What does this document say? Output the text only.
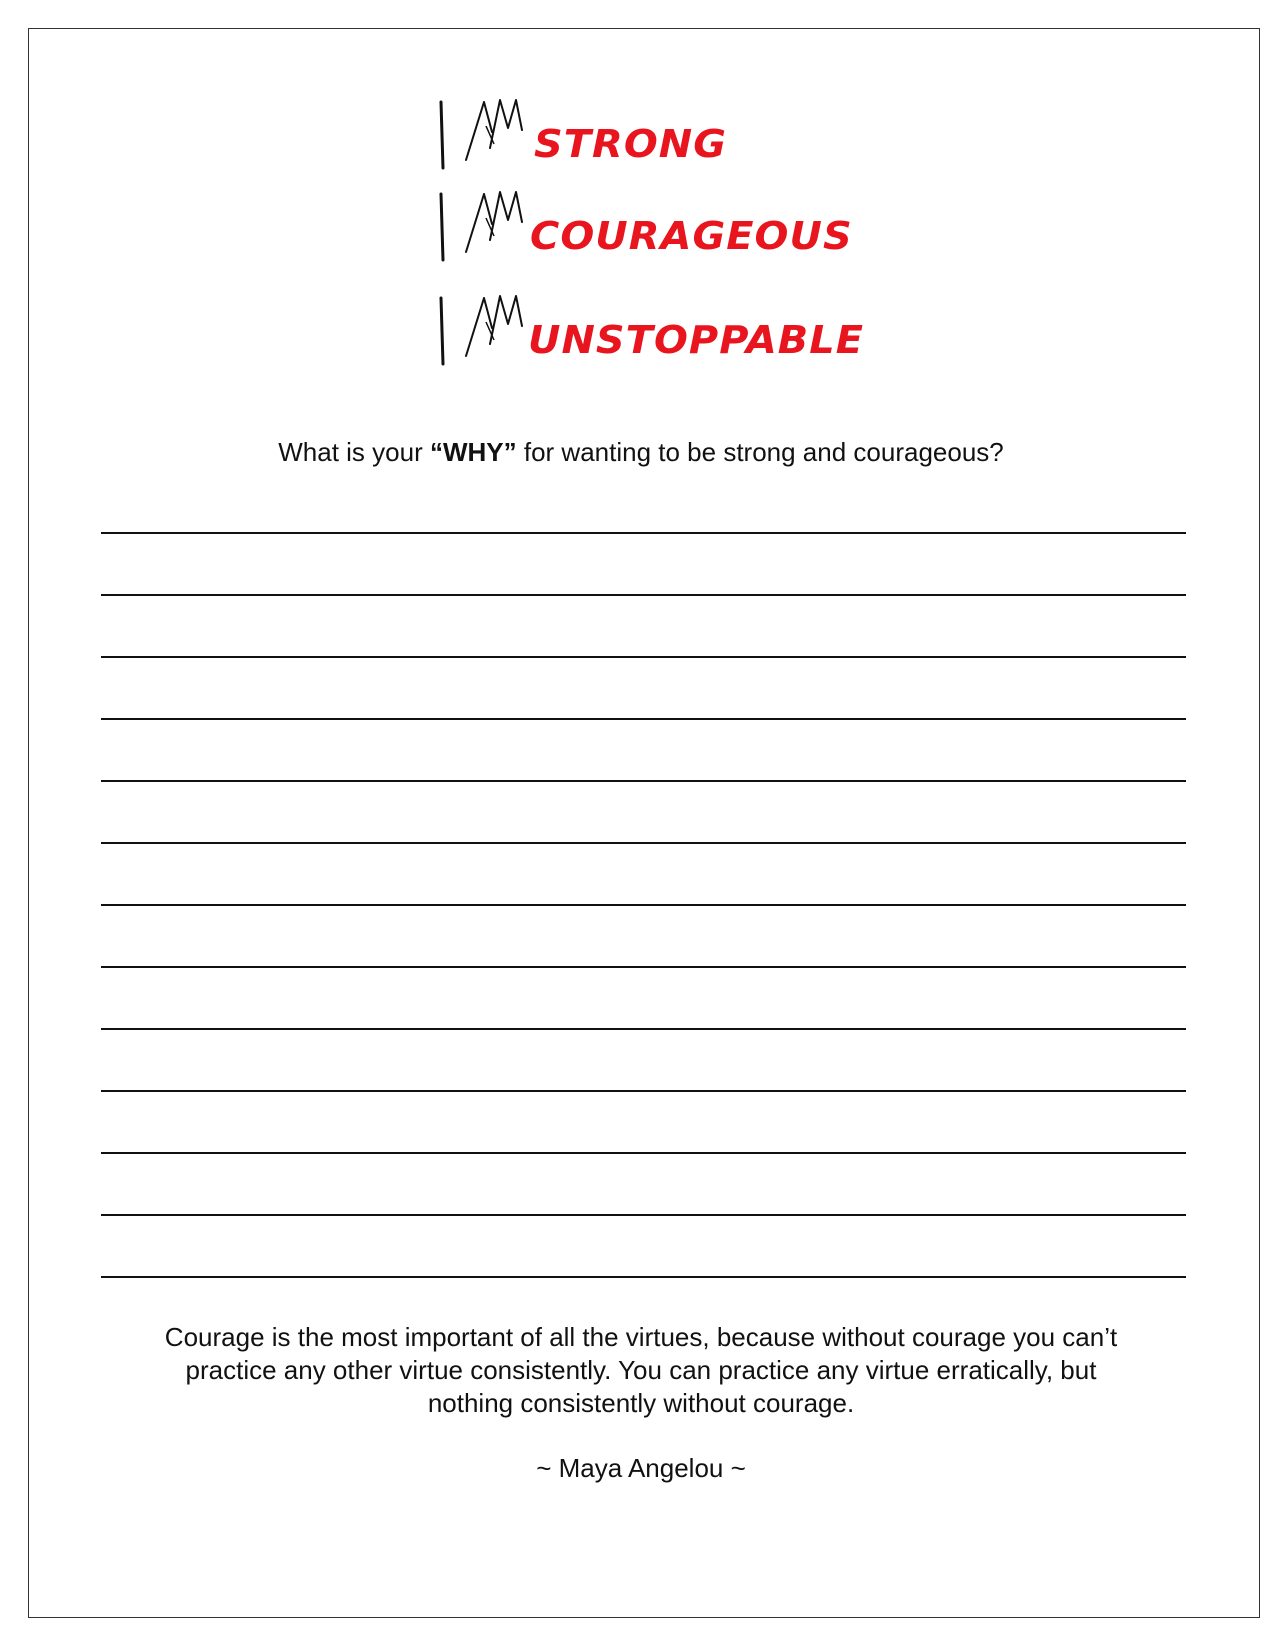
STRONG
COURAGEOUS
UNSTOPPABLE
What is your “WHY” for wanting to be strong and courageous?

Courage is the most important of all the virtues, because without courage you can’t practice any other virtue consistently. You can practice any virtue erratically, but nothing consistently without courage.

~ Maya Angelou ~
